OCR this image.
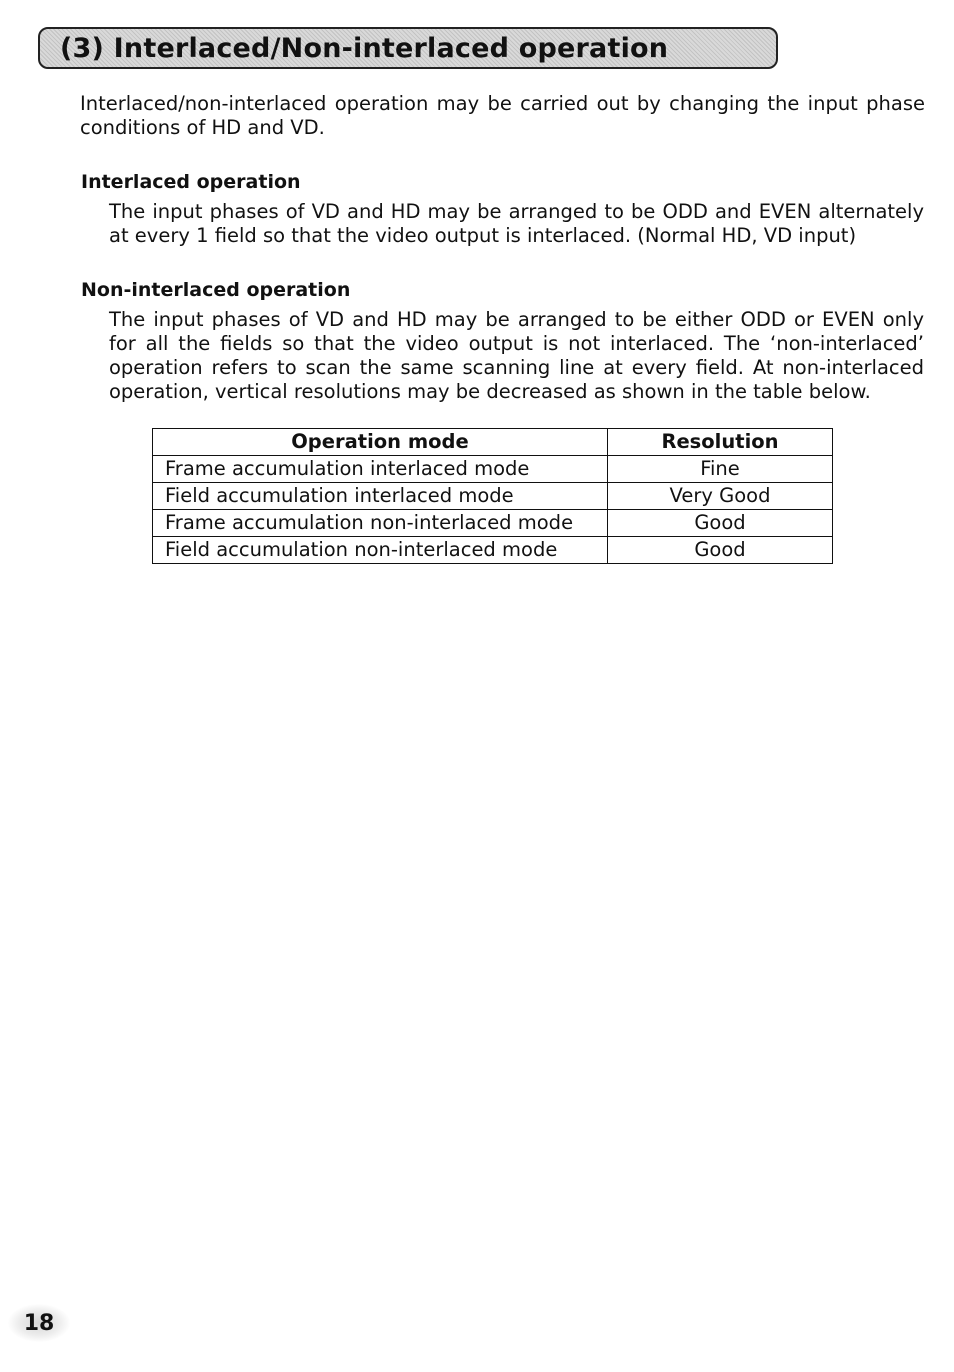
(3) Interlaced/Non-interlaced operation

Interlaced/non-interlaced operation may be carried out by changing the input phase conditions of HD and VD.

Interlaced operation

The input phases of VD and HD may be arranged to be ODD and EVEN alternately at every 1 field so that the video output is interlaced. (Normal HD, VD input)

Non-interlaced operation

The input phases of VD and HD may be arranged to be either ODD or EVEN only for all the fields so that the video output is not interlaced. The ‘non-interlaced’ operation refers to scan the same scanning line at every field. At non-interlaced operation, vertical resolutions may be decreased as shown in the table below.

Operation mode	Resolution
Frame accumulation interlaced mode	Fine
Field accumulation interlaced mode	Very Good
Frame accumulation non-interlaced mode	Good
Field accumulation non-interlaced mode	Good
18
